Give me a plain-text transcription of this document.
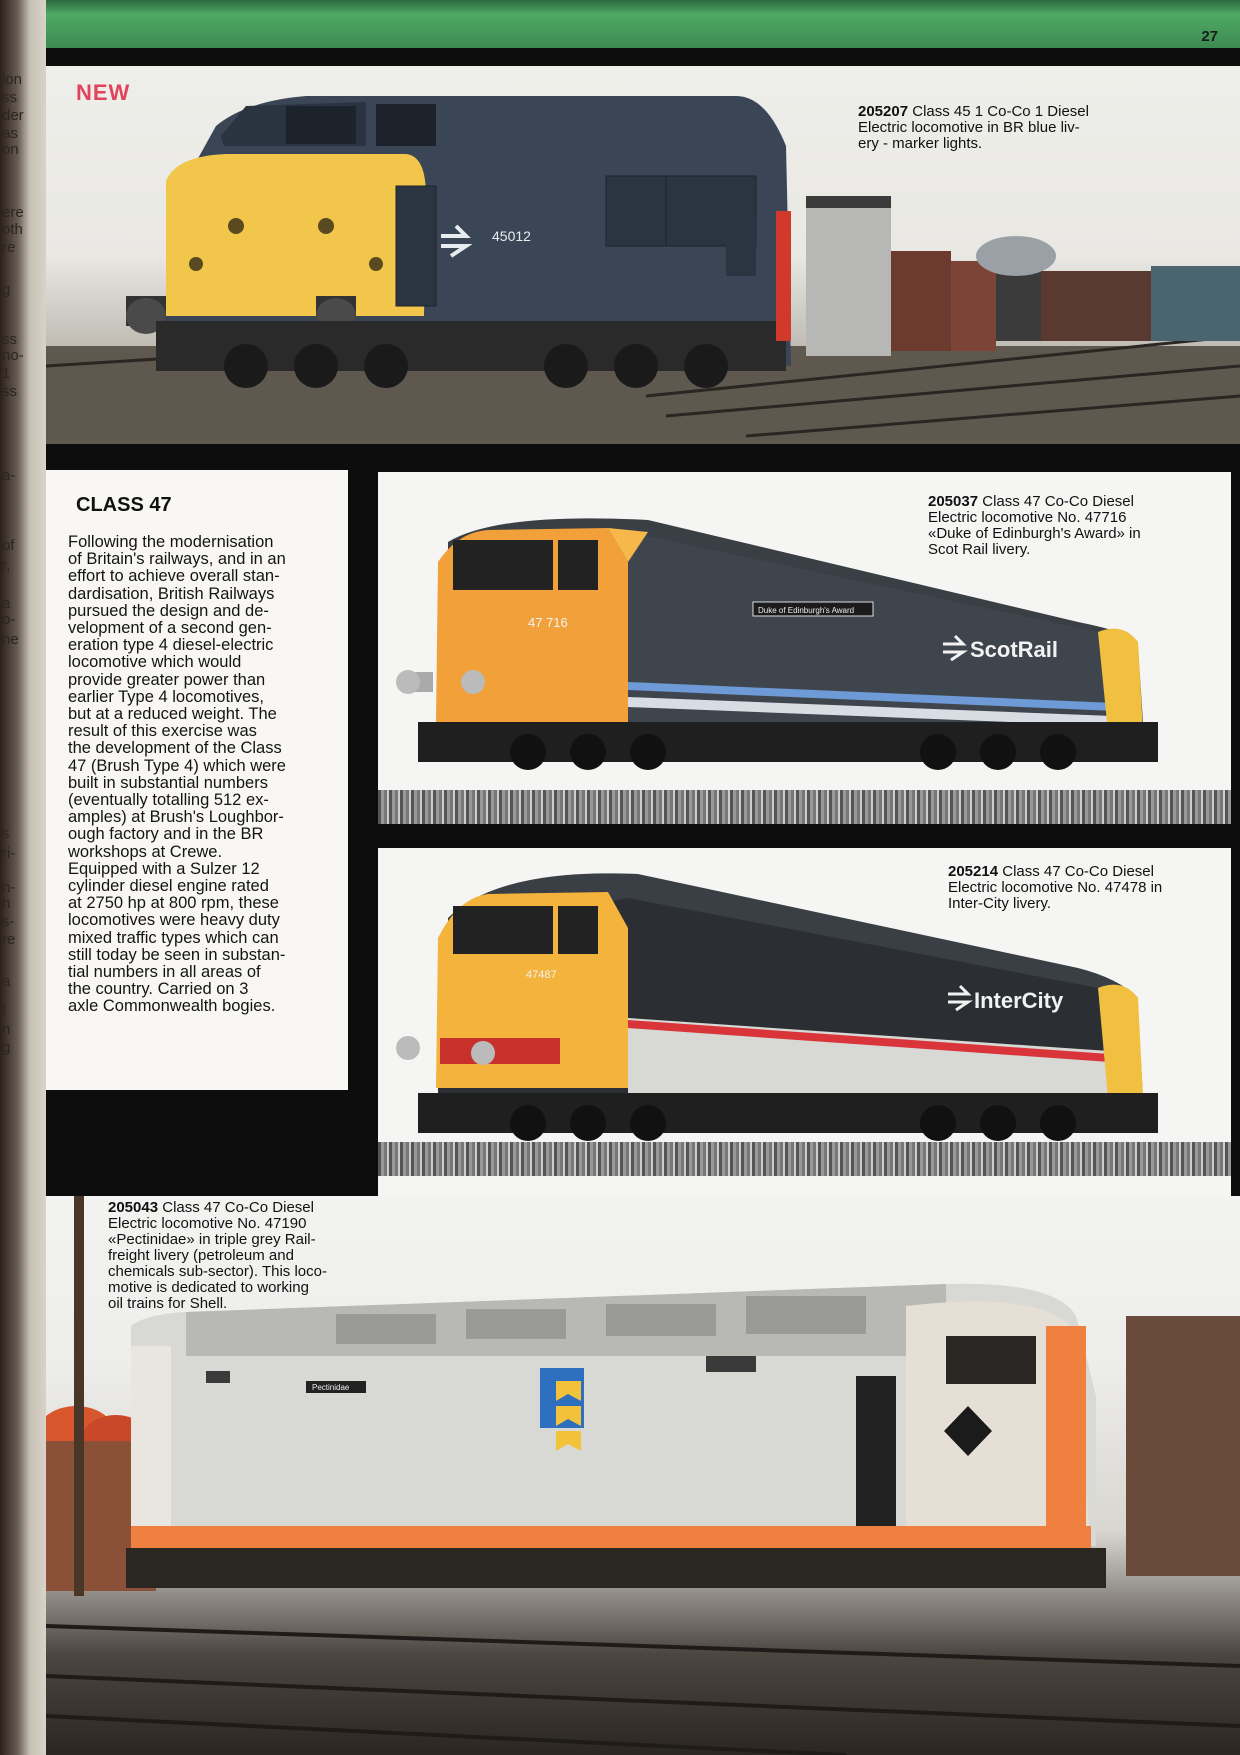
ion
ss
der
as
on
ere
oth
re
g
ss
no-
1
ss
a-
of
r,
a
o-
ne
s
ri-
n-
h
s-
re
a
t
n
g
27
45012
NEW
205207 Class 45 1 Co-Co 1 Diesel
Electric locomotive in BR blue liv-
ery - marker lights.
CLASS 47
Following the modernisation
of Britain's railways, and in an
effort to achieve overall stan-
dardisation, British Railways
pursued the design and de-
velopment of a second gen-
eration type 4 diesel-electric
locomotive which would
provide greater power than
earlier Type 4 locomotives,
but at a reduced weight. The
result of this exercise was
the development of the Class
47 (Brush Type 4) which were
built in substantial numbers
(eventually totalling 512 ex-
amples) at Brush's Loughbor-
ough factory and in the BR
workshops at Crewe.
Equipped with a Sulzer 12
cylinder diesel engine rated
at 2750 hp at 800 rpm, these
locomotives were heavy duty
mixed traffic types which can
still today be seen in substan-
tial numbers in all areas of
the country. Carried on 3
axle Commonwealth bogies.
Duke of Edinburgh's Award
47 716
ScotRail
205037 Class 47 Co-Co Diesel
Electric locomotive No. 47716
«Duke of Edinburgh's Award» in
Scot Rail livery.
47487
InterCity
205214 Class 47 Co-Co Diesel
Electric locomotive No. 47478 in
Inter-City livery.
Pectinidae
205043 Class 47 Co-Co Diesel
Electric locomotive No. 47190
«Pectinidae» in triple grey Rail-
freight livery (petroleum and
chemicals sub-sector). This loco-
motive is dedicated to working
oil trains for Shell.
